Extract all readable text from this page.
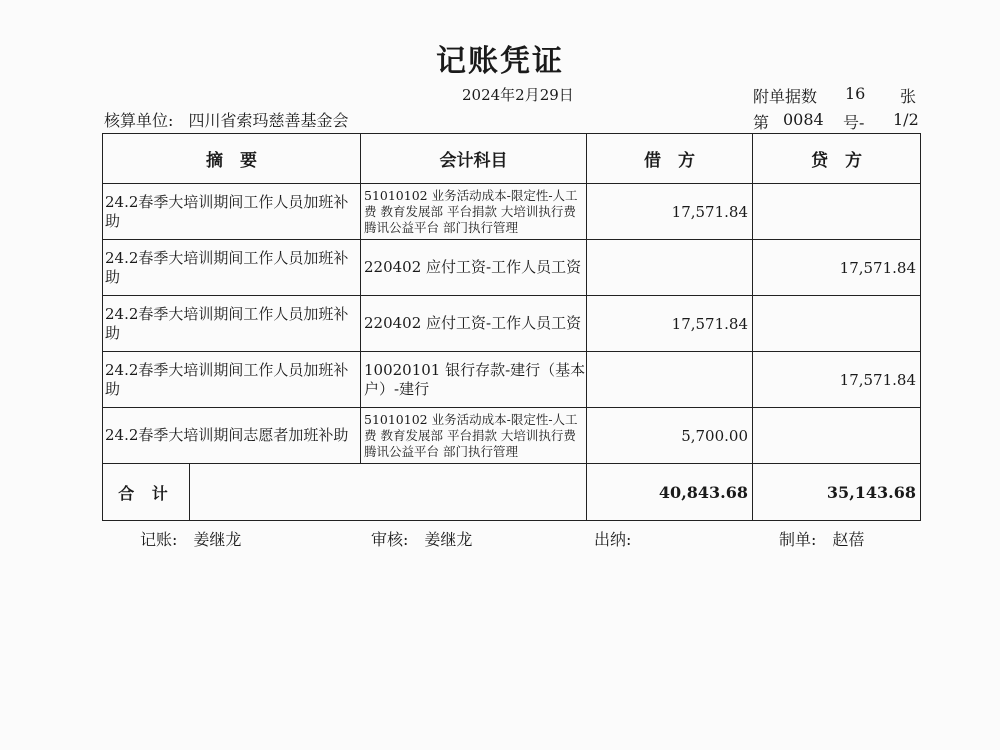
记账凭证
2024年2月29日	附单据数 16 张
核算单位: 四川省索玛慈善基金会	第 0084 号- 1/2
摘　要		会计科目	借　方	贷　方
24.2春季大培训期间工作人员加班补助		51010102 业务活动成本-限定性-人工费 教育发展部 平台捐款 大培训执行费 腾讯公益平台 部门执行管理	17,571.84	
24.2春季大培训期间工作人员加班补助		220402 应付工资-工作人员工资		17,571.84
24.2春季大培训期间工作人员加班补助		220402 应付工资-工作人员工资	17,571.84	
24.2春季大培训期间工作人员加班补助		10020101 银行存款-建行（基本户）-建行		17,571.84
24.2春季大培训期间志愿者加班补助		51010102 业务活动成本-限定性-人工费 教育发展部 平台捐款 大培训执行费 腾讯公益平台 部门执行管理	5,700.00	
合 计			40,843.68	35,143.68
记账:　姜继龙	审核:　姜继龙	出纳:	制单:　赵蓓
